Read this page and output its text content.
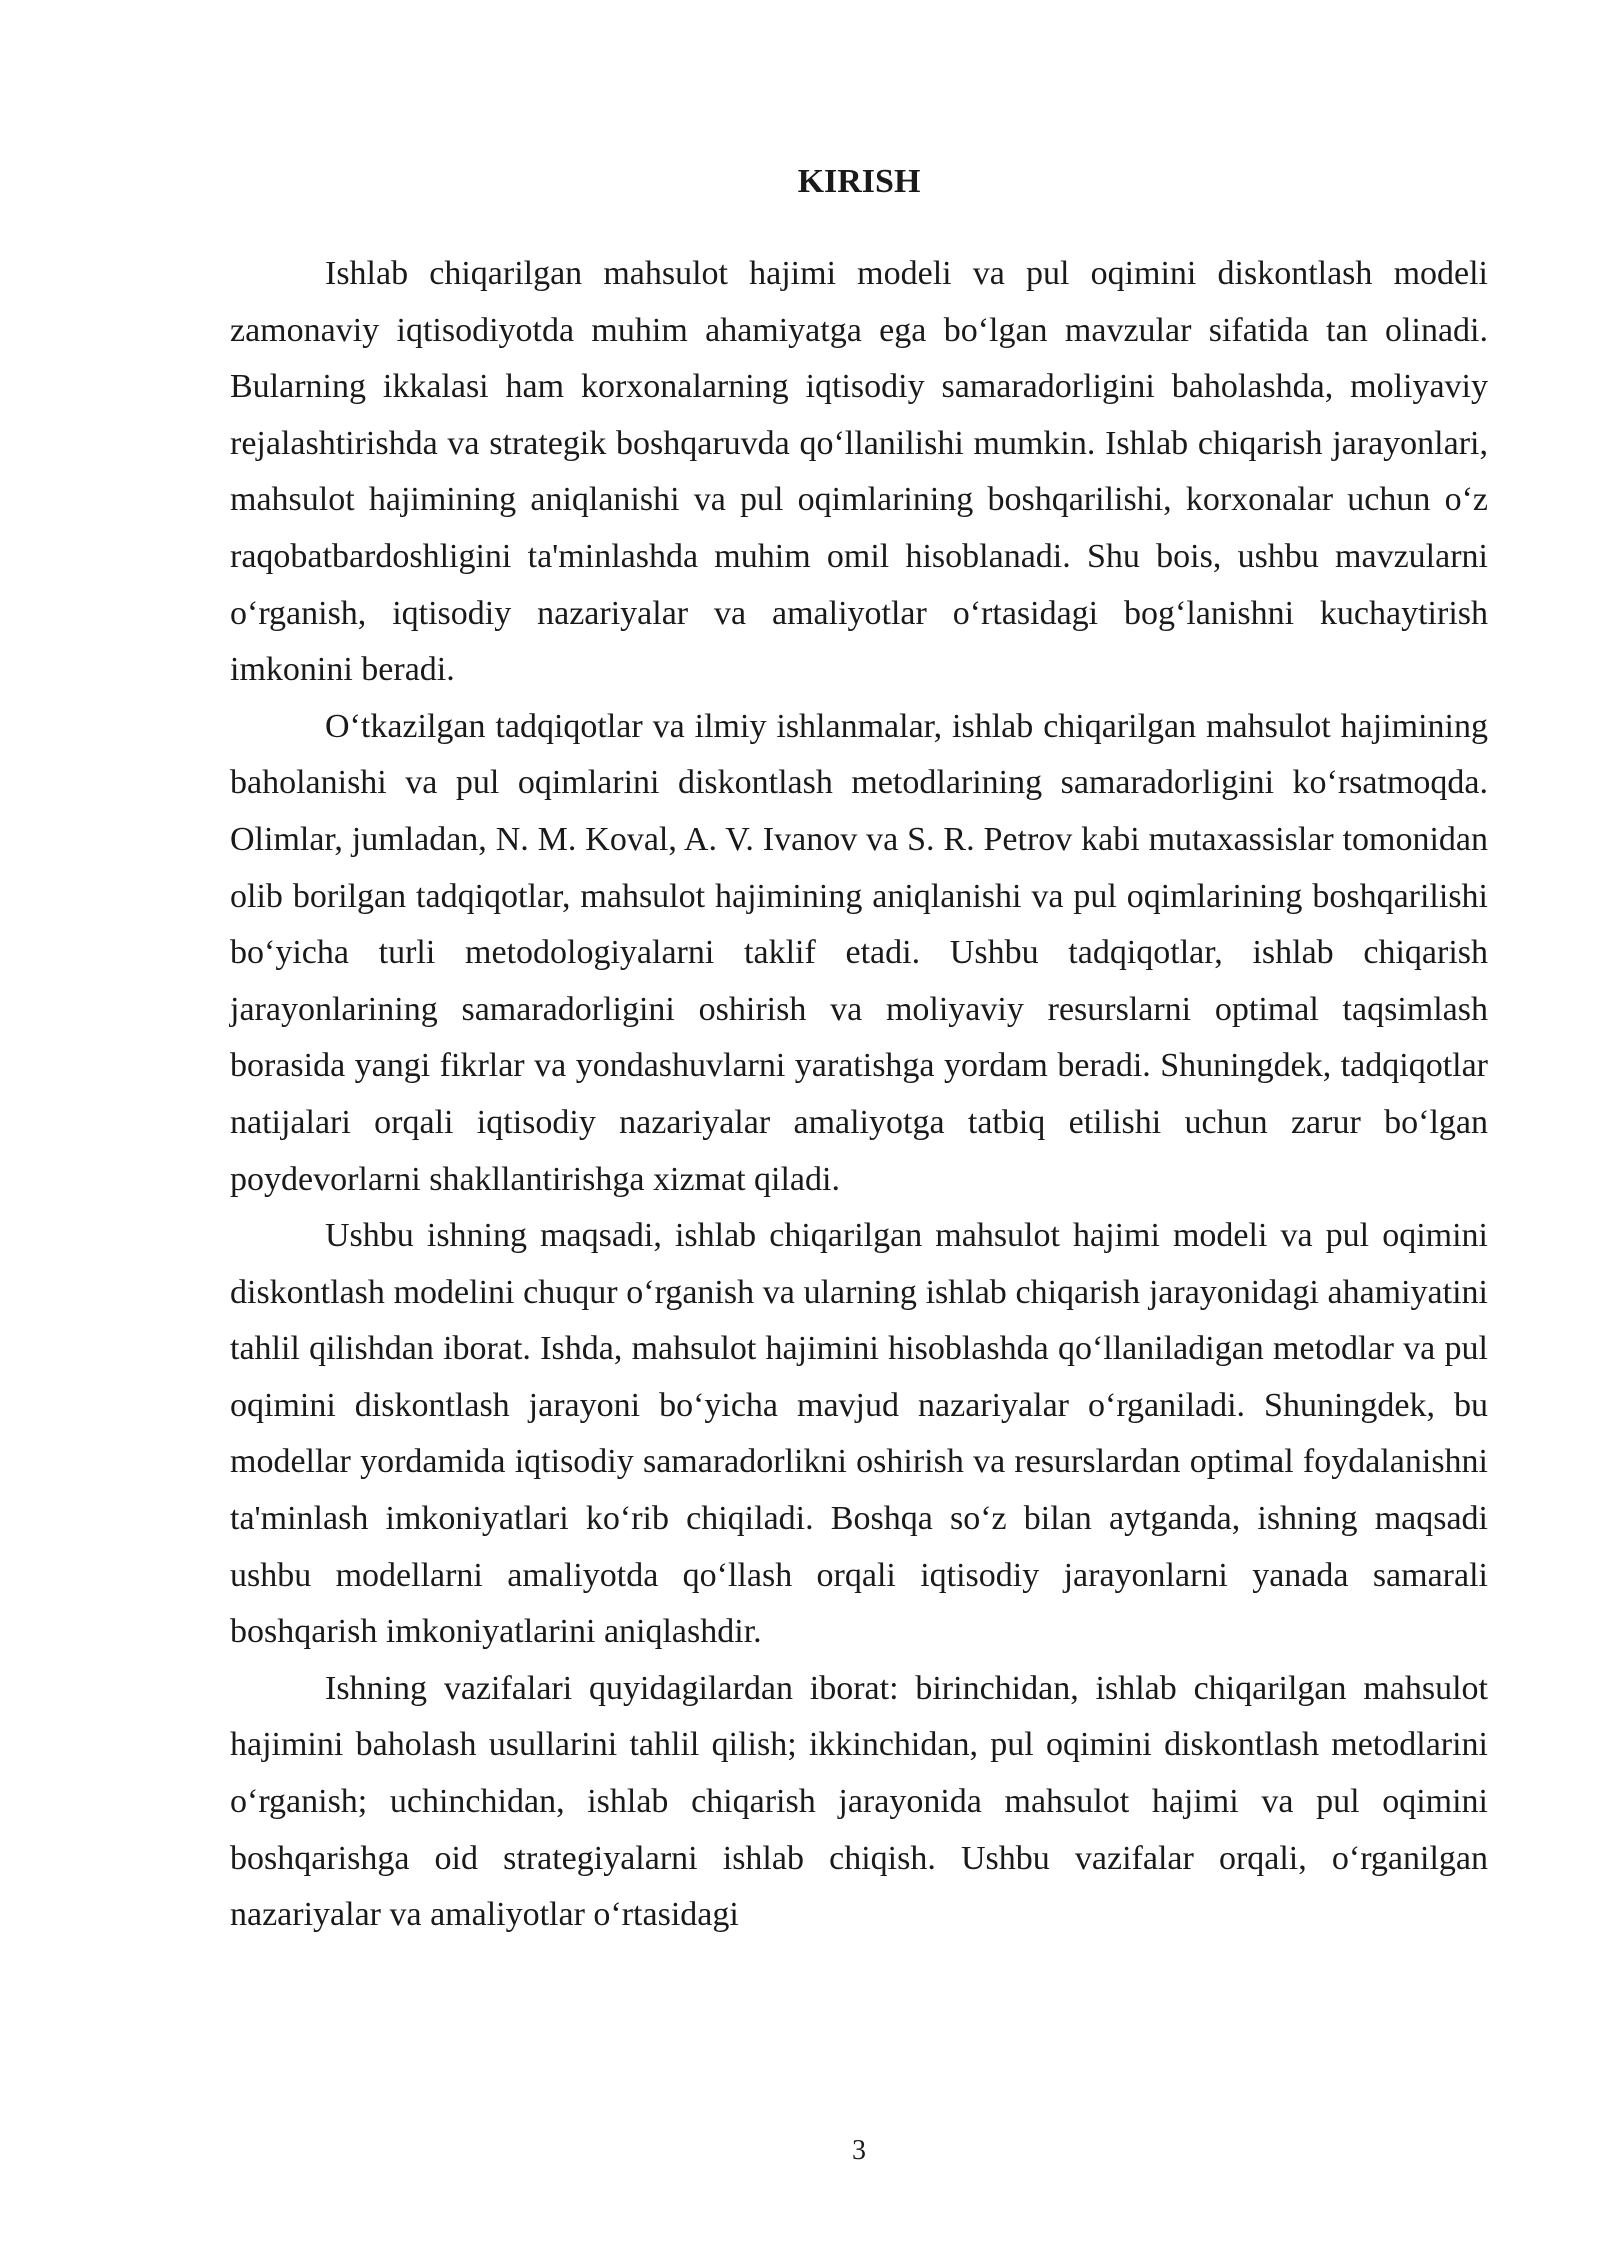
KIRISH

Ishlab chiqarilgan mahsulot hajimi modeli va pul oqimini diskontlash modeli zamonaviy iqtisodiyotda muhim ahamiyatga ega bo‘lgan mavzular sifatida tan olinadi. Bularning ikkalasi ham korxonalarning iqtisodiy samaradorligini baholashda, moliyaviy rejalashtirishda va strategik boshqaruvda qo‘llanilishi mumkin. Ishlab chiqarish jarayonlari, mahsulot hajimining aniqlanishi va pul oqimlarining boshqarilishi, korxonalar uchun o‘z raqobatbardoshligini ta'minlashda muhim omil hisoblanadi. Shu bois, ushbu mavzularni o‘rganish, iqtisodiy nazariyalar va amaliyotlar o‘rtasidagi bog‘lanishni kuchaytirish imkonini beradi.

O‘tkazilgan tadqiqotlar va ilmiy ishlanmalar, ishlab chiqarilgan mahsulot hajimining baholanishi va pul oqimlarini diskontlash metodlarining samaradorligini ko‘rsatmoqda. Olimlar, jumladan, N. M. Koval, A. V. Ivanov va S. R. Petrov kabi mutaxassislar tomonidan olib borilgan tadqiqotlar, mahsulot hajimining aniqlanishi va pul oqimlarining boshqarilishi bo‘yicha turli metodologiyalarni taklif etadi. Ushbu tadqiqotlar, ishlab chiqarish jarayonlarining samaradorligini oshirish va moliyaviy resurslarni optimal taqsimlash borasida yangi fikrlar va yondashuvlarni yaratishga yordam beradi. Shuningdek, tadqiqotlar natijalari orqali iqtisodiy nazariyalar amaliyotga tatbiq etilishi uchun zarur bo‘lgan poydevorlarni shakllantirishga xizmat qiladi.

Ushbu ishning maqsadi, ishlab chiqarilgan mahsulot hajimi modeli va pul oqimini diskontlash modelini chuqur o‘rganish va ularning ishlab chiqarish jarayonidagi ahamiyatini tahlil qilishdan iborat. Ishda, mahsulot hajimini hisoblashda qo‘llaniladigan metodlar va pul oqimini diskontlash jarayoni bo‘yicha mavjud nazariyalar o‘rganiladi. Shuningdek, bu modellar yordamida iqtisodiy samaradorlikni oshirish va resurslardan optimal foydalanishni ta'minlash imkoniyatlari ko‘rib chiqiladi. Boshqa so‘z bilan aytganda, ishning maqsadi ushbu modellarni amaliyotda qo‘llash orqali iqtisodiy jarayonlarni yanada samarali boshqarish imkoniyatlarini aniqlashdir.

Ishning vazifalari quyidagilardan iborat: birinchidan, ishlab chiqarilgan mahsulot hajimini baholash usullarini tahlil qilish; ikkinchidan, pul oqimini diskontlash metodlarini o‘rganish; uchinchidan, ishlab chiqarish jarayonida mahsulot hajimi va pul oqimini boshqarishga oid strategiyalarni ishlab chiqish. Ushbu vazifalar orqali, o‘rganilgan nazariyalar va amaliyotlar o‘rtasidagi

3
